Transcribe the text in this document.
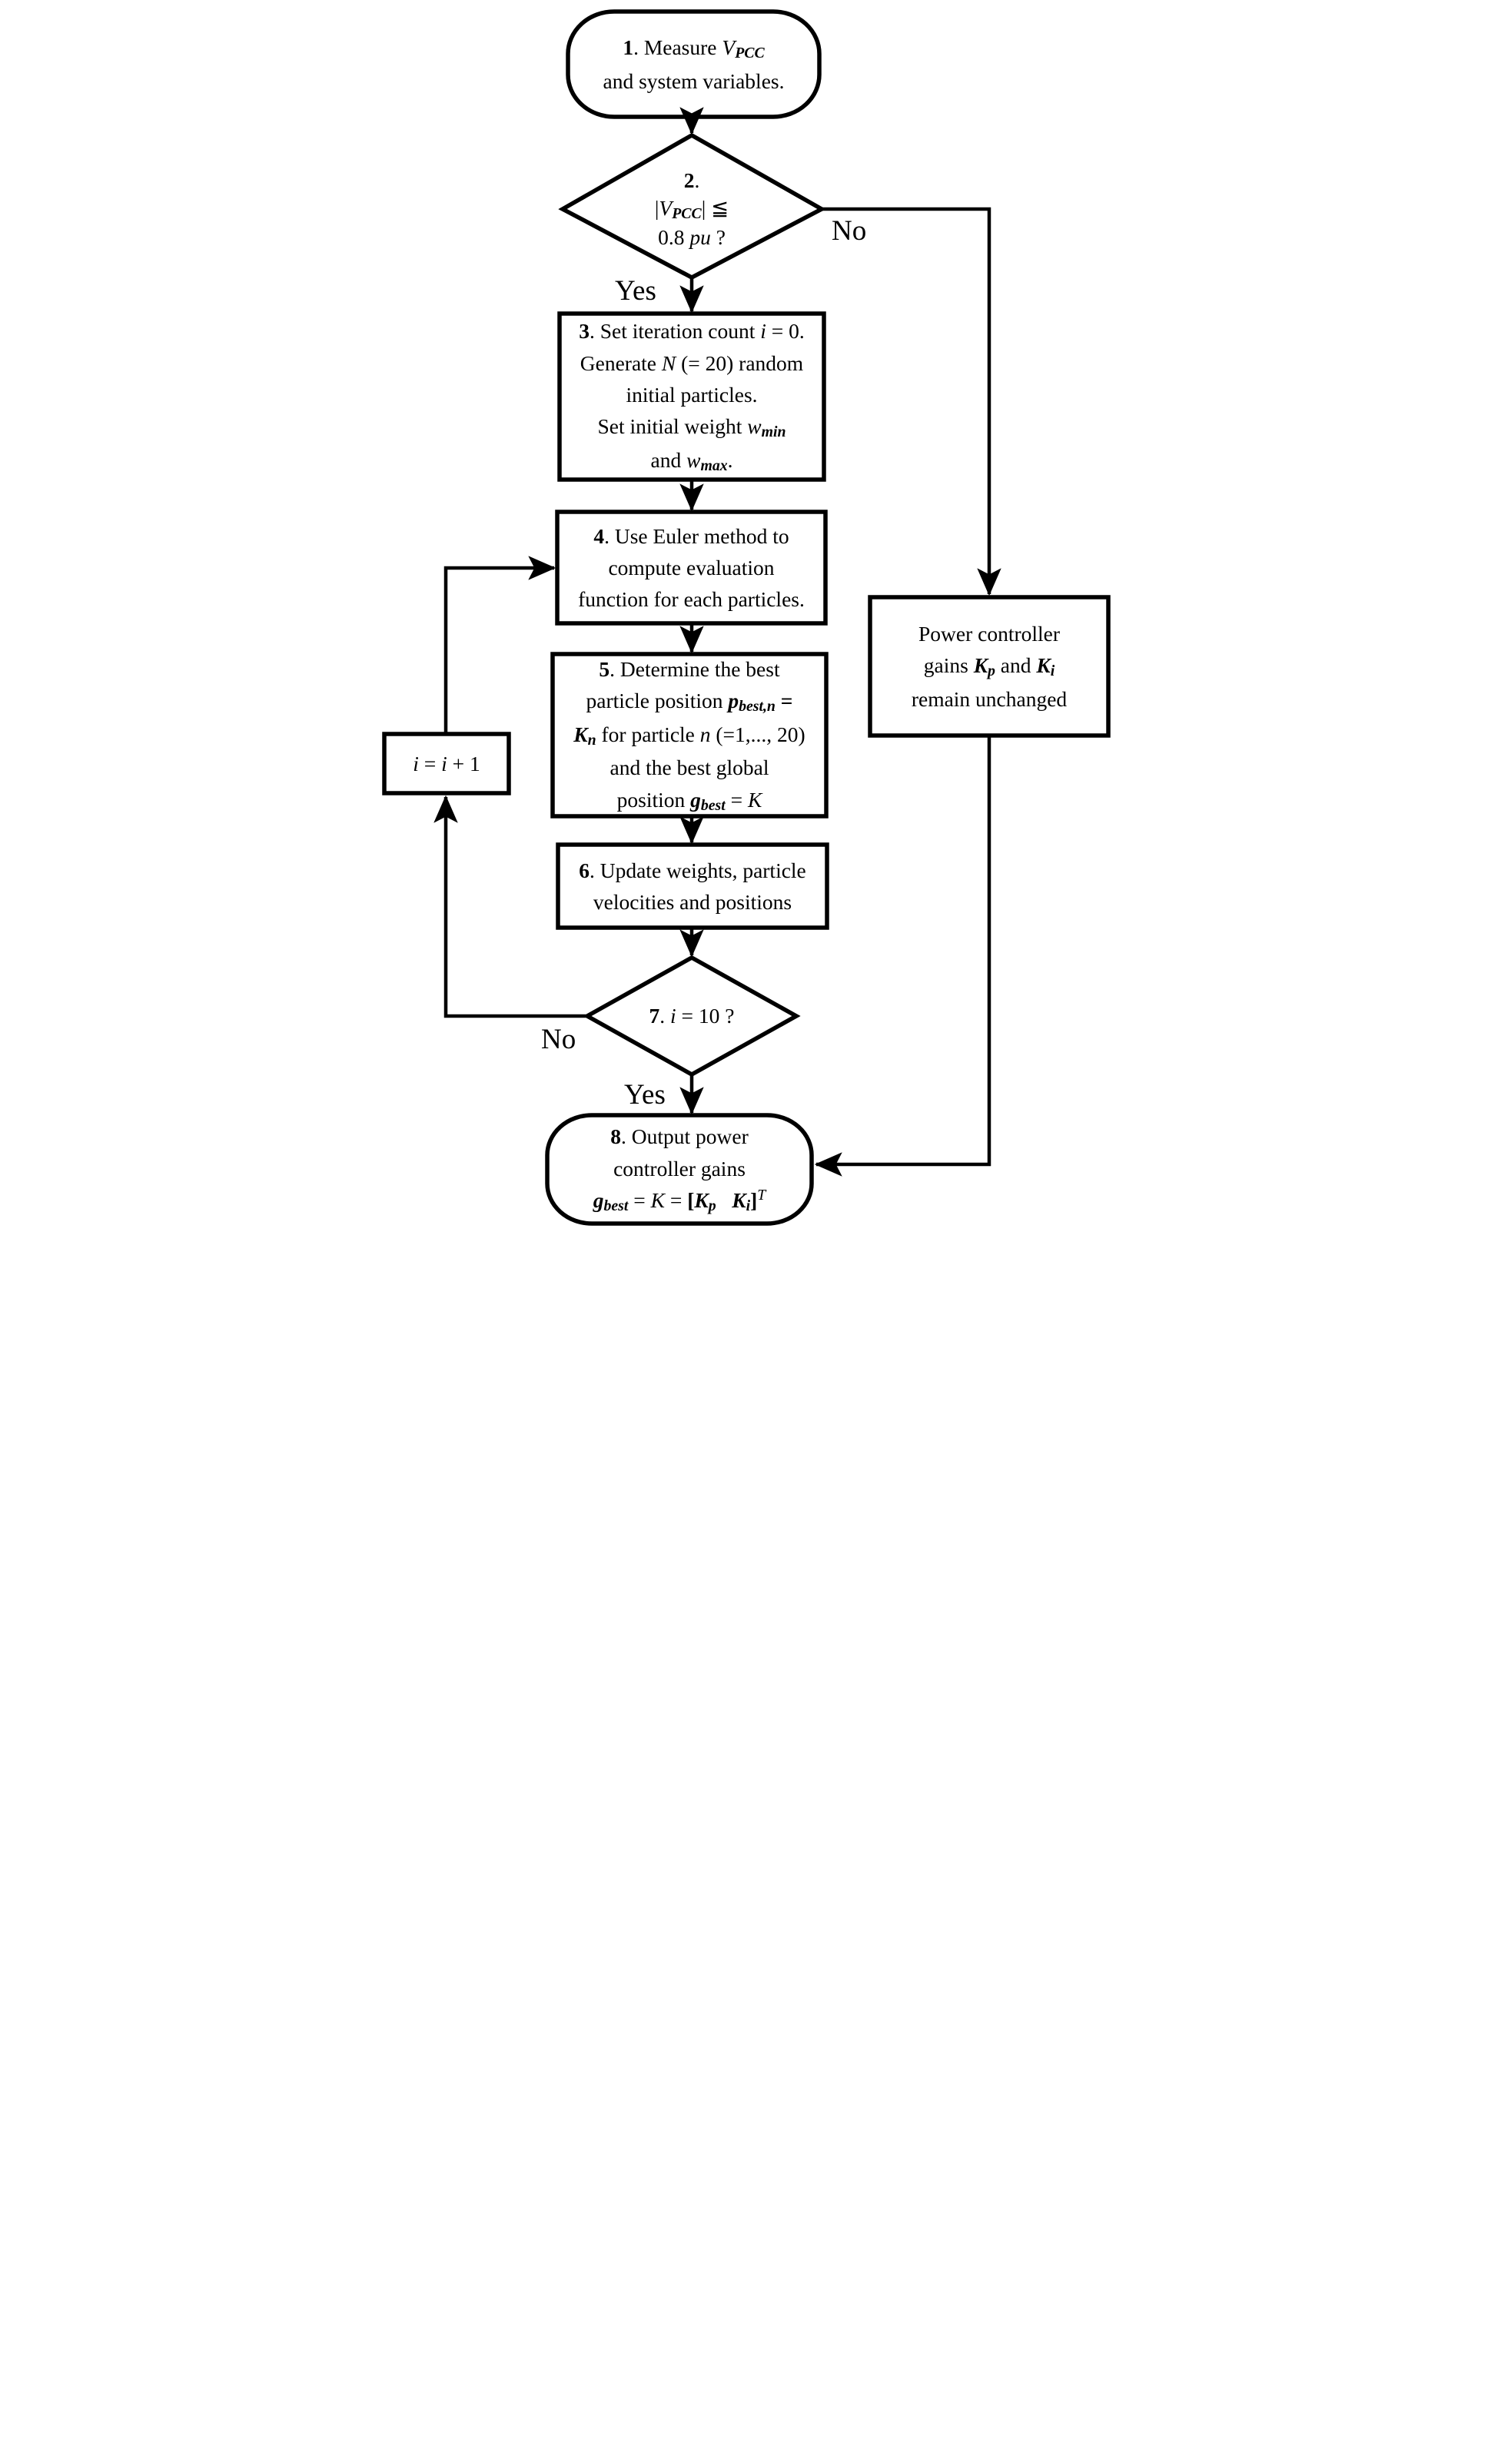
1. Measure VPCC
and system variables.
2.
|VPCC| ≦
0.8 pu ?
3. Set iteration count i = 0.
Generate N (= 20) random
initial particles.
Set initial weight wmin
and wmax.
4. Use Euler method to
compute evaluation
function for each particles.
5. Determine the best
particle position pbest,n =
Kn for particle n (=1,..., 20)
and the best global
position gbest = K
6. Update weights, particle
velocities and positions
7. i = 10 ?
8. Output power
controller gains
gbest = K = [Kp Ki]$^T$
Power controller
gains Kp and Ki
remain unchanged
i = i + 1
No
Yes
No
Yes
